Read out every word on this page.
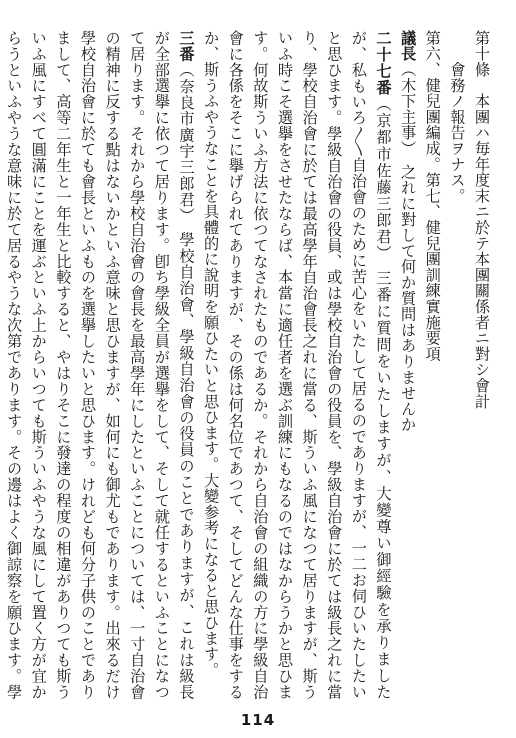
第十條　本團ハ毎年度末ニ於テ本團關係者ニ對シ會計

　　會務ノ報告ヲナス。

第六、健兒團編成。第七、健兒團訓練實施要項

議長（木下主事）之れに對して何か質問はありませんか

二十七番（京都市佐藤三郎君）三番に質問をいたしますが、大變尊い御經驗を承りましたが、私もいろ〳〵自治會のために苦心をいたして居るのでありますが、一二お伺ひいたしたいと思ひます。學級自治會の役員、或は學校自治會の役員を、學級自治會に於ては級長之れに當り、學校自治會に於ては最高學年自治會長之れに當る、斯ういふ風になつて居りますが、斯ういふ時こそ選擧をさせたならば、本當に適任者を選ぶ訓練にもなるのではなからうかと思ひます。何故斯ういふ方法に依つてなされたものであるか。それから自治會の組織の方に學級自治會に各係をそこに擧げられてありますが、その係は何名位であつて、そしてどんな仕事をするか、斯うふやうなことを具體的に說明を願ひたいと思ひます。大變参考になると思ひます。

三番（奈良市廣宇三郎君）學校自治會、學級自治會の役員のことでありますが、これは級長が全部選擧に依つて居ります。卽ち學級全員が選擧をして、そして就任するといふことになつて居ります。それから學校自治會の會長を最高學年にしたといふことについては、一寸自治會の精神に反する點はないかといふ意味と思ひますが、如何にも御尤もであります。出來るだけ學校自治會に於ても會長といふものを選擧したいと思ひます。けれども何分子供のことでありまして、高等二年生と一年生と比較すると、やはりそこに發達の程度の相違がありつても斯ういふ風にすべて圓滿にことを運ぶといふ上からいつても斯ういふやうな風にして置く方が宜からうといふやうな意味に於て居るやうな次第であります。その邊はよく御諒察を願ひます。學

114
